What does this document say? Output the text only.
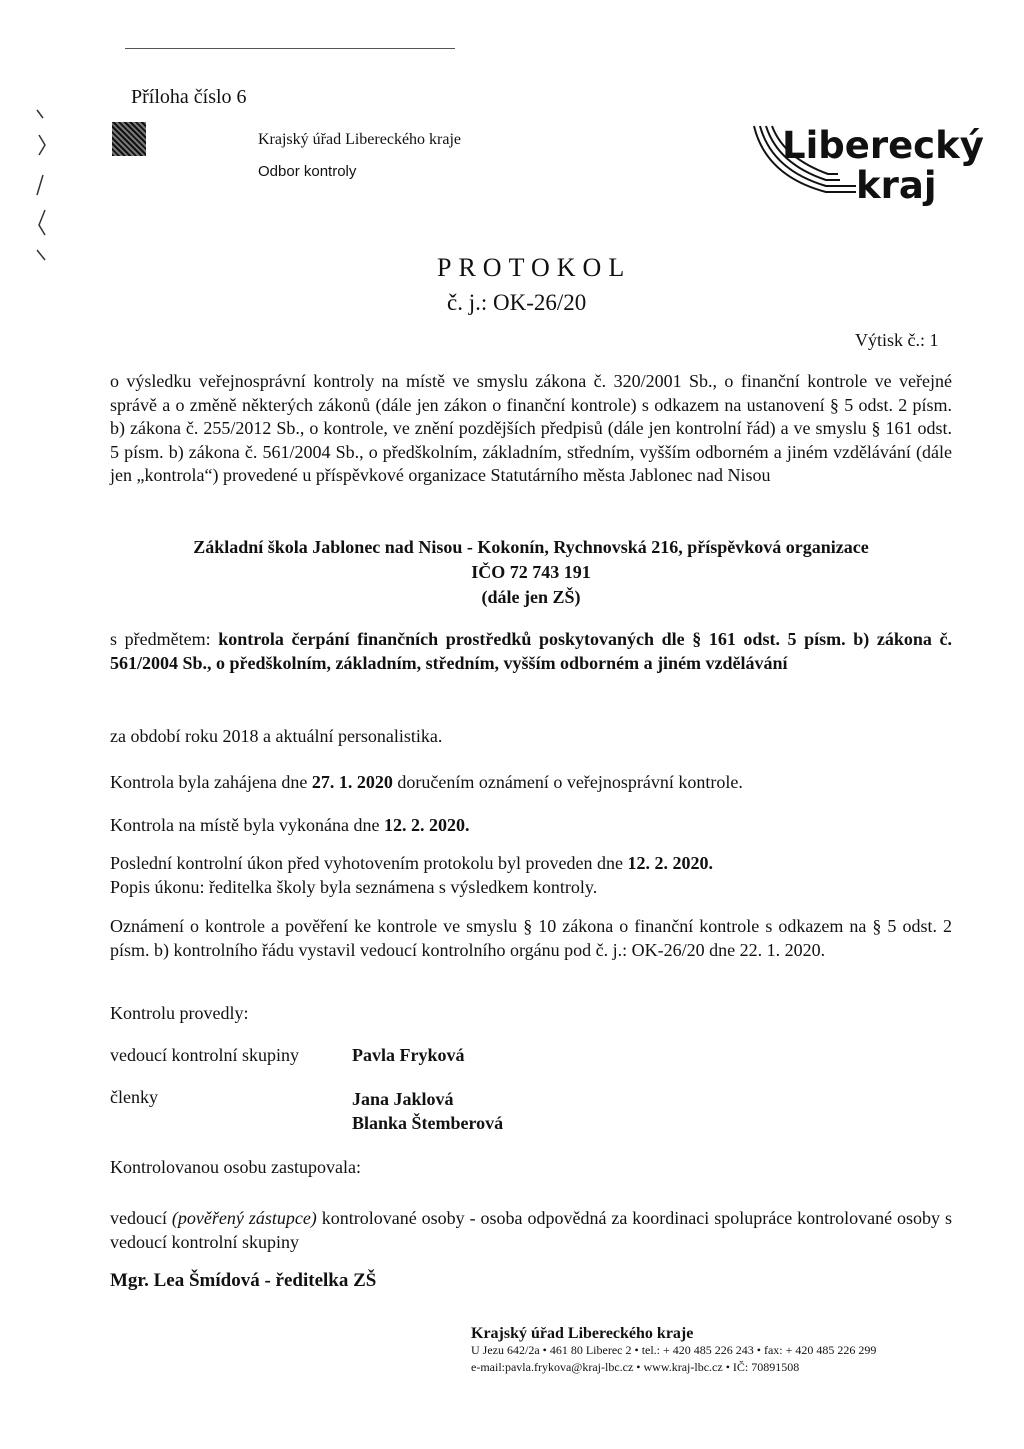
Příloha číslo 6
Krajský úřad Libereckého kraje
Odbor kontroly
Liberecký
kraj
PROTOKOL
č. j.: OK-26/20
Výtisk č.: 1
o výsledku veřejnosprávní kontroly na místě ve smyslu zákona č. 320/2001 Sb., o finanční kontrole ve veřejné správě a o změně některých zákonů (dále jen zákon o finanční kontrole) s odkazem na ustanovení § 5 odst. 2 písm. b) zákona č. 255/2012 Sb., o kontrole, ve znění pozdějších předpisů (dále jen kontrolní řád) a ve smyslu § 161 odst. 5 písm. b) zákona č. 561/2004 Sb., o předškolním, základním, středním, vyšším odborném a jiném vzdělávání (dále jen „kontrola“) provedené u příspěvkové organizace Statutárního města Jablonec nad Nisou
Základní škola Jablonec nad Nisou - Kokonín, Rychnovská 216, příspěvková organizace
IČO 72 743 191
(dále jen ZŠ)
s předmětem: kontrola čerpání finančních prostředků poskytovaných dle § 161 odst. 5 písm. b) zákona č. 561/2004 Sb., o předškolním, základním, středním, vyšším odborném a jiném vzdělávání
za období roku 2018 a aktuální personalistika.
Kontrola byla zahájena dne 27. 1. 2020 doručením oznámení o veřejnosprávní kontrole.
Kontrola na místě byla vykonána dne 12. 2. 2020.
Poslední kontrolní úkon před vyhotovením protokolu byl proveden dne 12. 2. 2020.
Popis úkonu: ředitelka školy byla seznámena s výsledkem kontroly.
Oznámení o kontrole a pověření ke kontrole ve smyslu § 10 zákona o finanční kontrole s odkazem na § 5 odst. 2 písm. b) kontrolního řádu vystavil vedoucí kontrolního orgánu pod č. j.: OK-26/20 dne 22. 1. 2020.
Kontrolu provedly:
vedoucí kontrolní skupiny	Pavla Fryková
členky	Jana Jaklová
Blanka Štemberová
Kontrolovanou osobu zastupovala:
vedoucí (pověřený zástupce) kontrolované osoby - osoba odpovědná za koordinaci spolupráce kontrolované osoby s vedoucí kontrolní skupiny
Mgr. Lea Šmídová - ředitelka ZŠ
Krajský úřad Libereckého kraje
U Jezu 642/2a • 461 80 Liberec 2 • tel.: + 420 485 226 243 • fax: + 420 485 226 299
e-mail:pavla.frykova@kraj-lbc.cz • www.kraj-lbc.cz • IČ: 70891508
